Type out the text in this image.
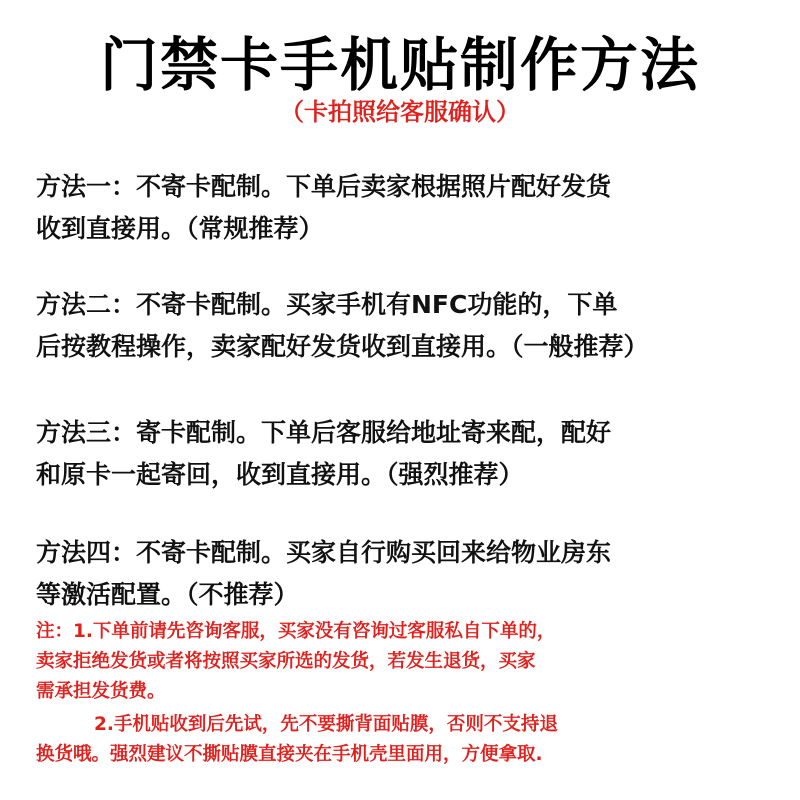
门禁卡手机贴制作方法
（卡拍照给客服确认）
方法一：不寄卡配制。下单后卖家根据照片配好发货
收到直接用。（常规推荐）
方法二：不寄卡配制。买家手机有NFC功能的，下单
后按教程操作，卖家配好发货收到直接用。（一般推荐）
方法三：寄卡配制。下单后客服给地址寄来配，配好
和原卡一起寄回，收到直接用。（强烈推荐）
方法四：不寄卡配制。买家自行购买回来给物业房东
等激活配置。（不推荐）
注：1.下单前请先咨询客服，买家没有咨询过客服私自下单的，
卖家拒绝发货或者将按照买家所选的发货，若发生退货，买家
需承担发货费。
2.手机贴收到后先试，先不要撕背面贴膜，否则不支持退
换货哦。强烈建议不撕贴膜直接夹在手机壳里面用，方便拿取.
